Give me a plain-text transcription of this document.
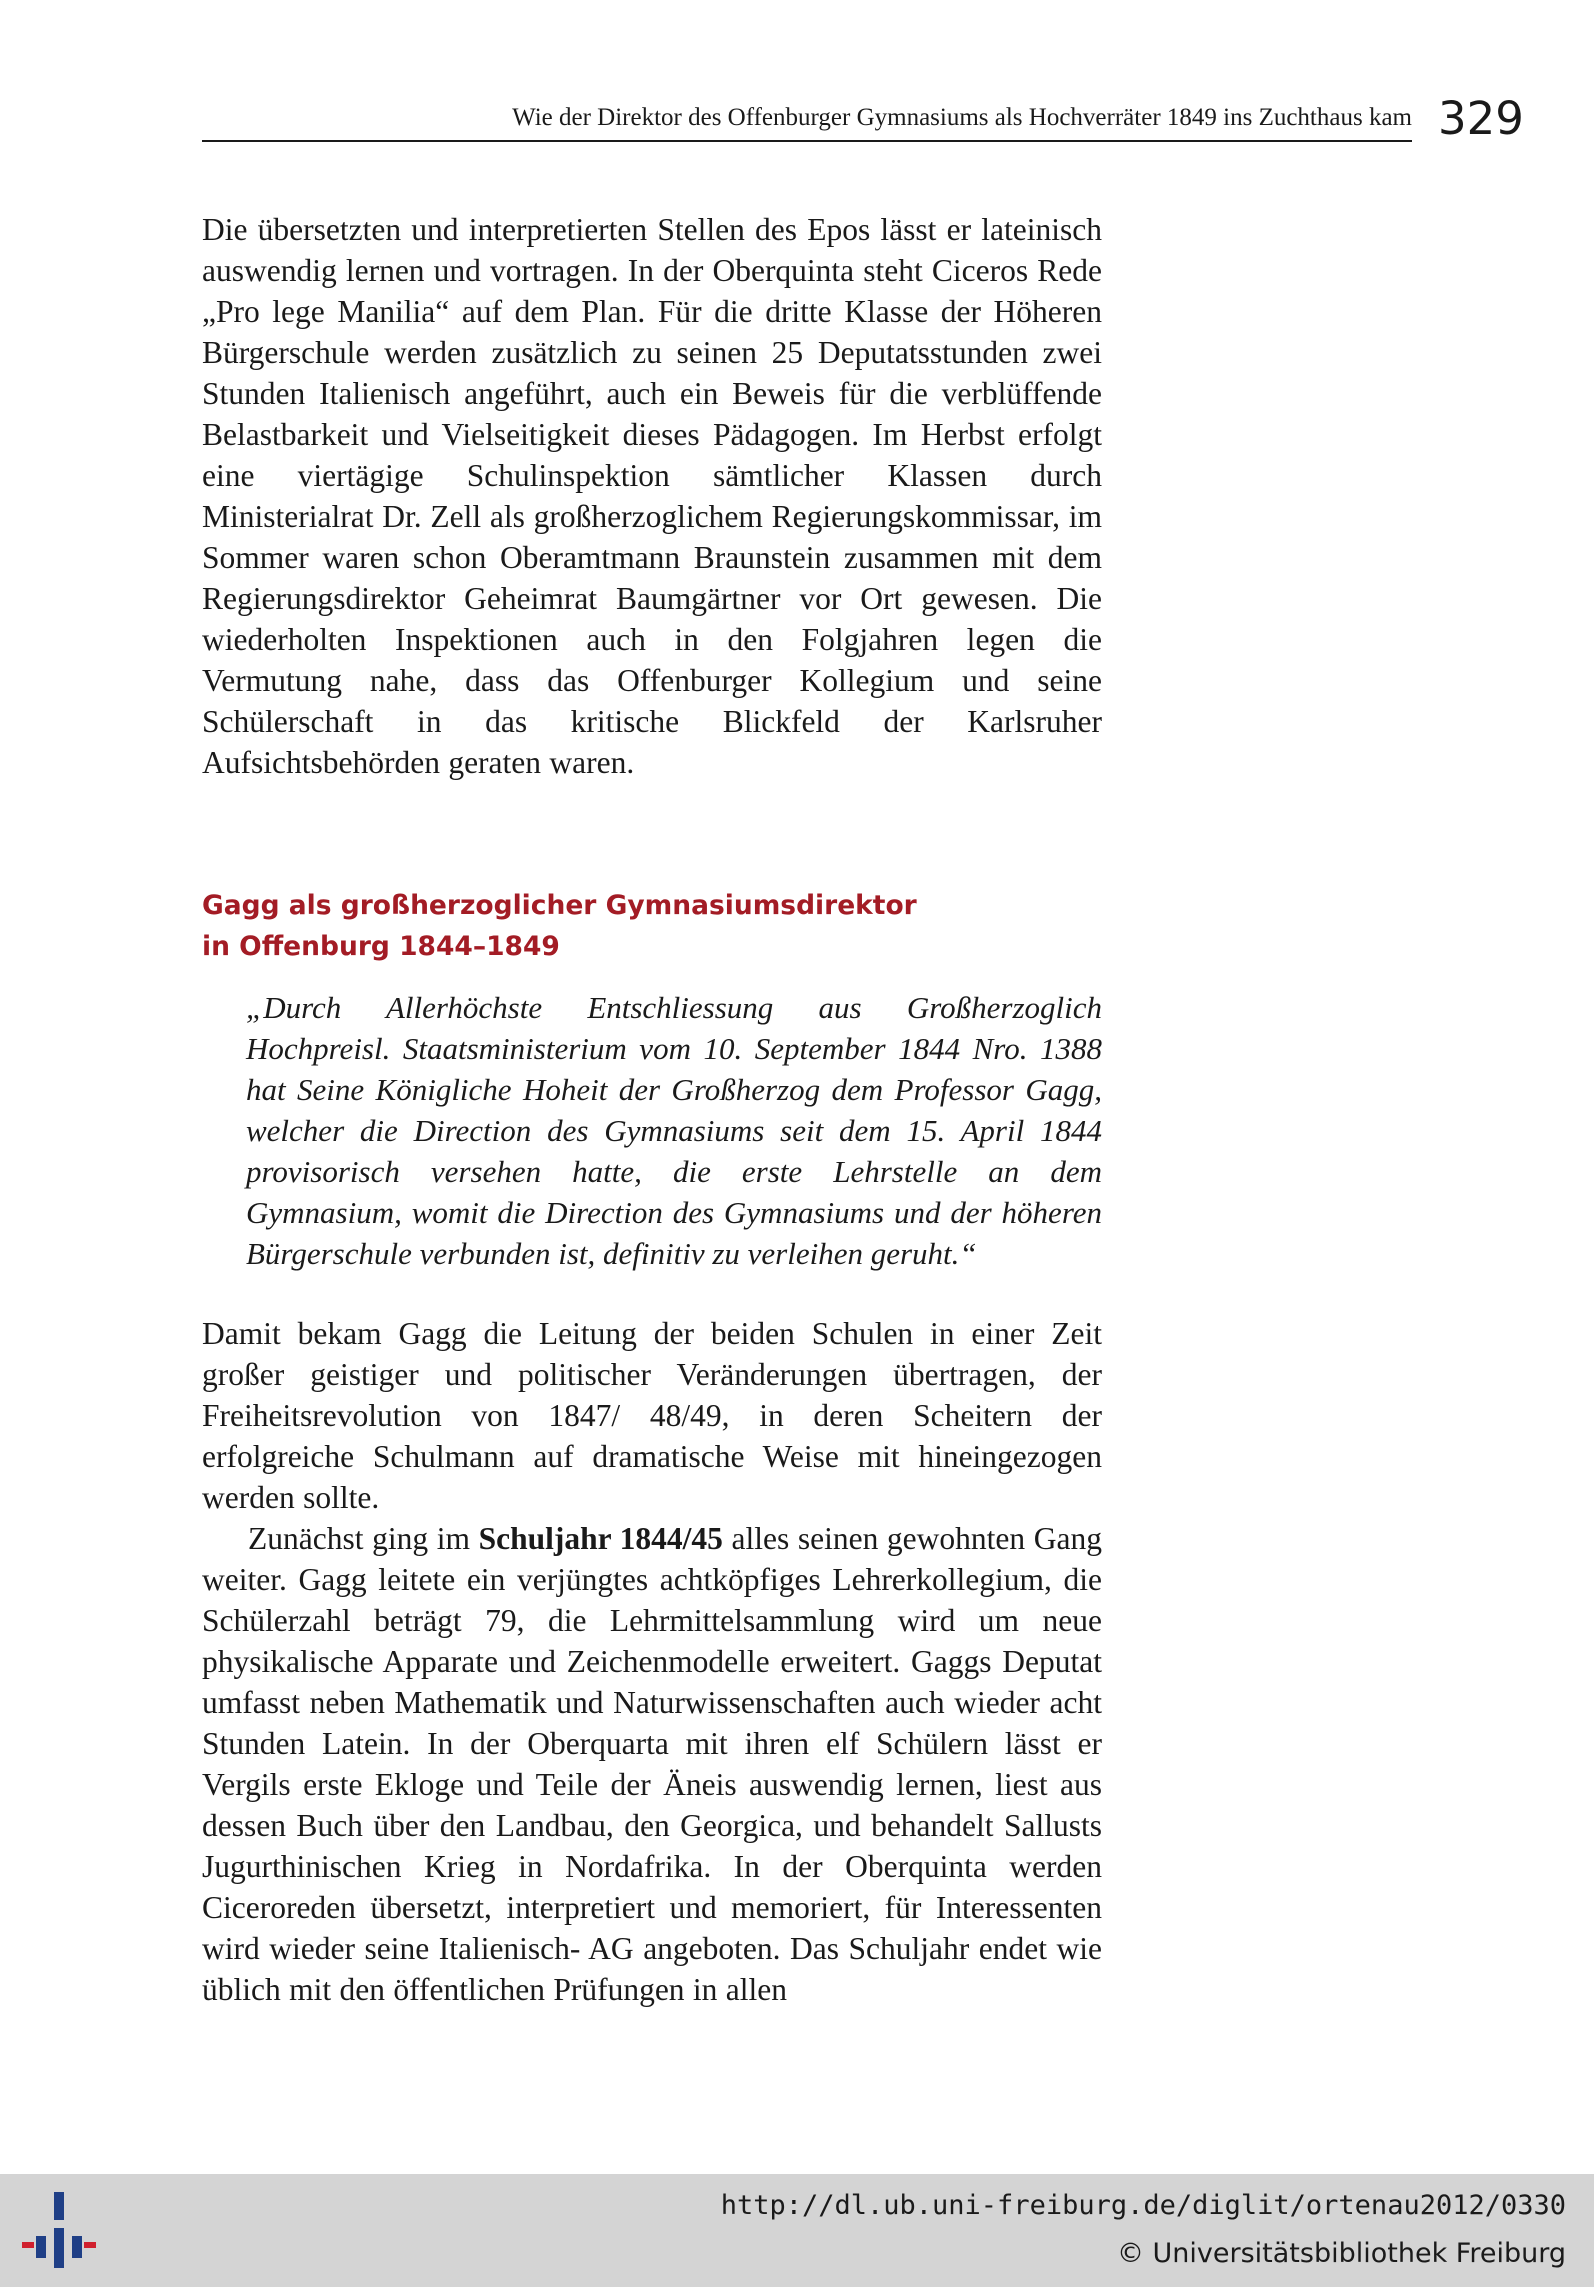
Wie der Direktor des Offenburger Gymnasiums als Hochverräter 1849 ins Zuchthaus kam 329

Die übersetzten und interpretierten Stellen des Epos lässt er lateinisch auswendig lernen und vortragen. In der Oberquinta steht Ciceros Rede „Pro lege Manilia“ auf dem Plan. Für die dritte Klasse der Höheren Bürgerschule werden zusätzlich zu seinen 25 Deputatsstunden zwei Stunden Italienisch angeführt, auch ein Beweis für die verblüffende Belastbarkeit und Vielseitigkeit dieses Pädagogen. Im Herbst erfolgt eine viertägige Schulinspektion sämtlicher Klassen durch Ministerialrat Dr. Zell als großherzoglichem Regierungskommissar, im Sommer waren schon Oberamtmann Braunstein zusammen mit dem Regierungsdirektor Geheimrat Baumgärtner vor Ort gewesen. Die wiederholten Inspektionen auch in den Folgjahren legen die Vermutung nahe, dass das Offenburger Kollegium und seine Schülerschaft in das kritische Blickfeld der Karlsruher Aufsichtsbehörden geraten waren.

Gagg als großherzoglicher Gymnasiumsdirektor
in Offenburg 1844–1849

„Durch Allerhöchste Entschliessung aus Großherzoglich Hochpreisl. Staatsministerium vom 10. September 1844 Nro. 1388 hat Seine Königliche Hoheit der Großherzog dem Professor Gagg, welcher die Direction des Gymnasiums seit dem 15. April 1844 provisorisch versehen hatte, die erste Lehrstelle an dem Gymnasium, womit die Direction des Gymnasiums und der höheren Bürgerschule verbunden ist, definitiv zu verleihen geruht.“

Damit bekam Gagg die Leitung der beiden Schulen in einer Zeit großer geistiger und politischer Veränderungen übertragen, der Freiheitsrevolution von 1847/ 48/49, in deren Scheitern der erfolgreiche Schulmann auf dramatische Weise mit hineingezogen werden sollte.

Zunächst ging im Schuljahr 1844/45 alles seinen gewohnten Gang weiter. Gagg leitete ein verjüngtes achtköpfiges Lehrerkollegium, die Schülerzahl beträgt 79, die Lehrmittelsammlung wird um neue physikalische Apparate und Zeichenmodelle erweitert. Gaggs Deputat umfasst neben Mathematik und Naturwissenschaften auch wieder acht Stunden Latein. In der Oberquarta mit ihren elf Schülern lässt er Vergils erste Ekloge und Teile der Äneis auswendig lernen, liest aus dessen Buch über den Landbau, den Georgica, und behandelt Sallusts Jugurthinischen Krieg in Nordafrika. In der Oberquinta werden Ciceroreden übersetzt, interpretiert und memoriert, für Interessenten wird wieder seine Italienisch- AG angeboten. Das Schuljahr endet wie üblich mit den öffentlichen Prüfungen in allen

http://dl.ub.uni-freiburg.de/diglit/ortenau2012/0330
© Universitätsbibliothek Freiburg
